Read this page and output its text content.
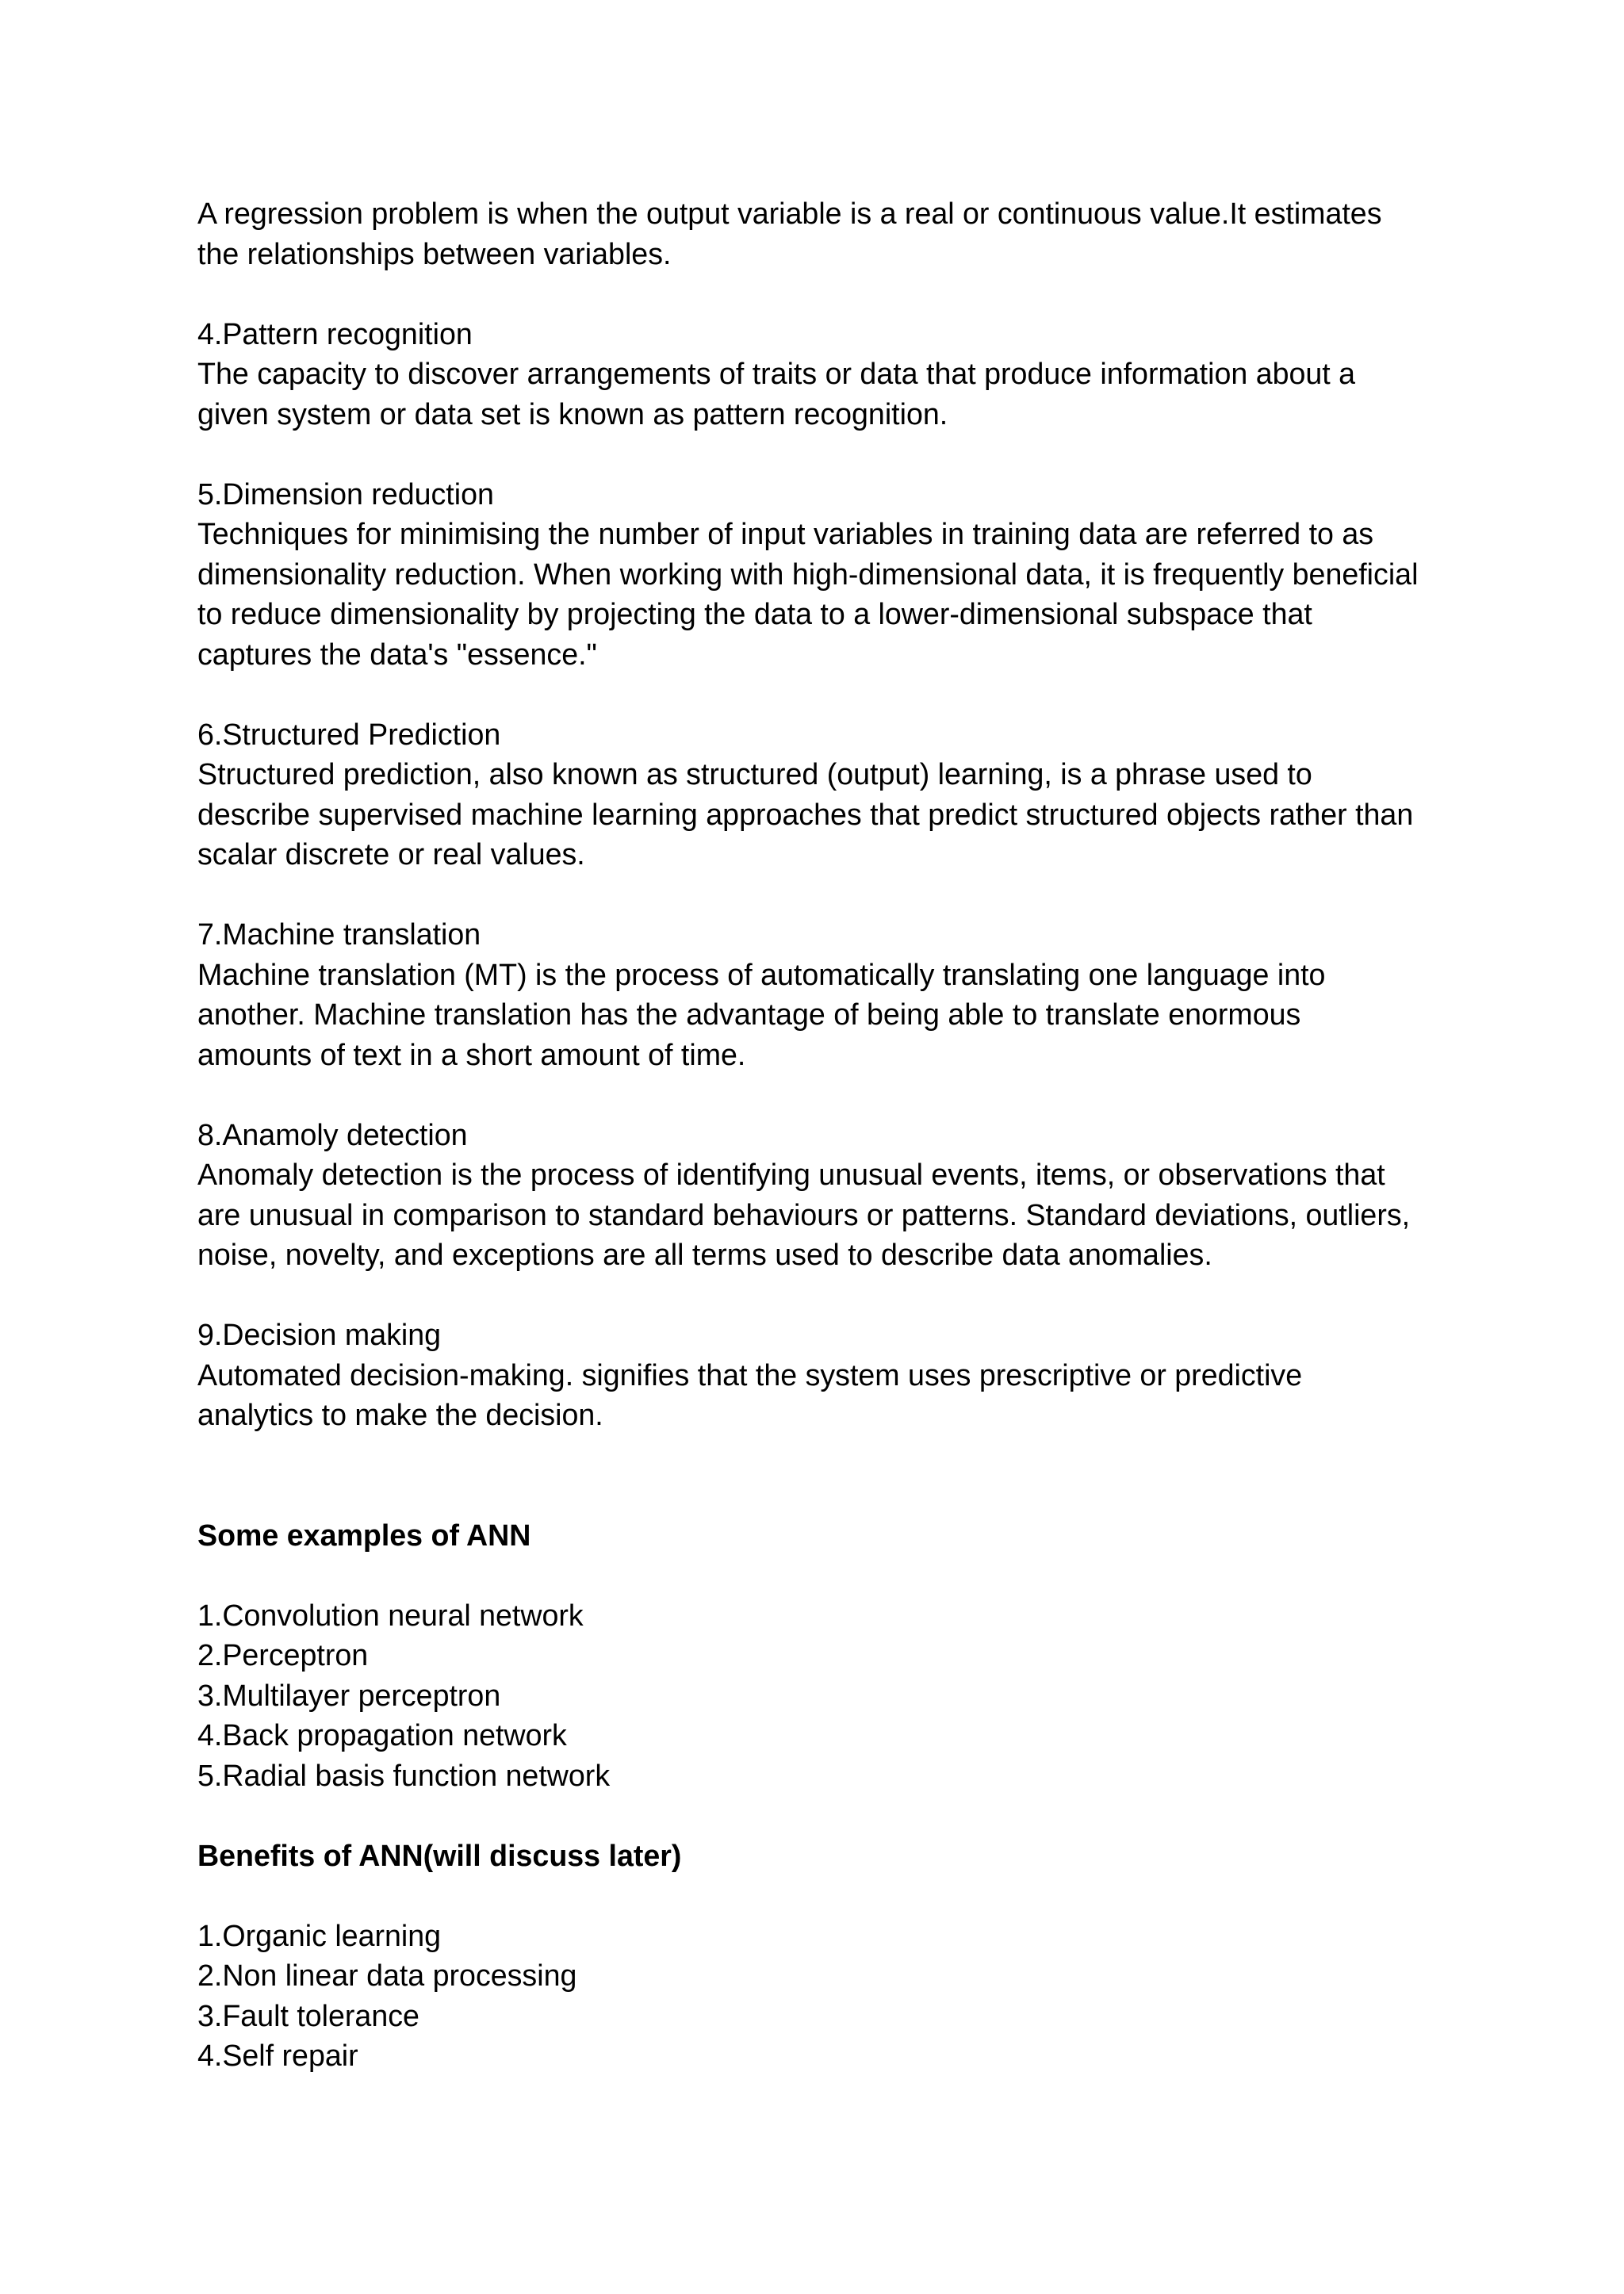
A regression problem is when the output variable is a real or continuous value.It estimates
the relationships between variables.
4.Pattern recognition
The capacity to discover arrangements of traits or data that produce information about a
given system or data set is known as pattern recognition.
5.Dimension reduction
Techniques for minimising the number of input variables in training data are referred to as
dimensionality reduction. When working with high-dimensional data, it is frequently beneficial
to reduce dimensionality by projecting the data to a lower-dimensional subspace that
captures the data's "essence."
6.Structured Prediction
Structured prediction, also known as structured (output) learning, is a phrase used to
describe supervised machine learning approaches that predict structured objects rather than
scalar discrete or real values.
7.Machine translation
Machine translation (MT) is the process of automatically translating one language into
another. Machine translation has the advantage of being able to translate enormous
amounts of text in a short amount of time.
8.Anamoly detection
Anomaly detection is the process of identifying unusual events, items, or observations that
are unusual in comparison to standard behaviours or patterns. Standard deviations, outliers,
noise, novelty, and exceptions are all terms used to describe data anomalies.
9.Decision making
Automated decision-making. signifies that the system uses prescriptive or predictive
analytics to make the decision.
Some examples of ANN
1.Convolution neural network
2.Perceptron
3.Multilayer perceptron
4.Back propagation network
5.Radial basis function network
Benefits of ANN(will discuss later)
1.Organic learning
2.Non linear data processing
3.Fault tolerance
4.Self repair
